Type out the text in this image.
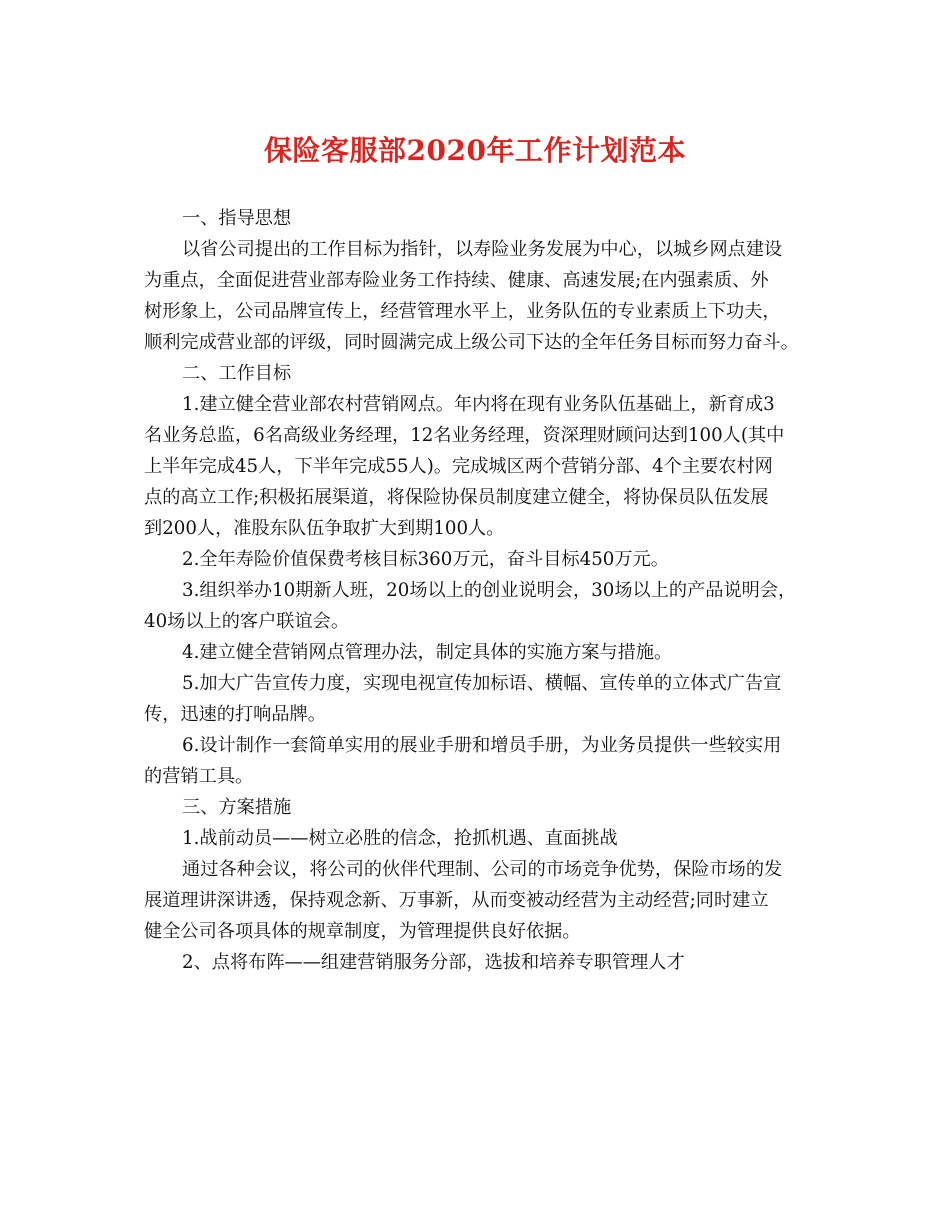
保险客服部2020年工作计划范本

一、指导思想

以省公司提出的工作目标为指针，以寿险业务发展为中心，以城乡网点建设

为重点，全面促进营业部寿险业务工作持续、健康、高速发展;在内强素质、外

树形象上，公司品牌宣传上，经营管理水平上，业务队伍的专业素质上下功夫，

顺利完成营业部的评级，同时圆满完成上级公司下达的全年任务目标而努力奋斗。

二、工作目标

1.建立健全营业部农村营销网点。年内将在现有业务队伍基础上，新育成3

名业务总监，6名高级业务经理，12名业务经理，资深理财顾问达到100人(其中

上半年完成45人，下半年完成55人)。完成城区两个营销分部、4个主要农村网

点的高立工作;积极拓展渠道，将保险协保员制度建立健全，将协保员队伍发展

到200人，准股东队伍争取扩大到期100人。

2.全年寿险价值保费考核目标360万元，奋斗目标450万元。

3.组织举办10期新人班，20场以上的创业说明会，30场以上的产品说明会，

40场以上的客户联谊会。

4.建立健全营销网点管理办法，制定具体的实施方案与措施。

5.加大广告宣传力度，实现电视宣传加标语、横幅、宣传单的立体式广告宣

传，迅速的打响品牌。

6.设计制作一套简单实用的展业手册和增员手册，为业务员提供一些较实用

的营销工具。

三、方案措施

1.战前动员——树立必胜的信念，抢抓机遇、直面挑战

通过各种会议，将公司的伙伴代理制、公司的市场竞争优势，保险市场的发

展道理讲深讲透，保持观念新、万事新，从而变被动经营为主动经营;同时建立

健全公司各项具体的规章制度，为管理提供良好依据。

2、点将布阵——组建营销服务分部，选拔和培养专职管理人才
